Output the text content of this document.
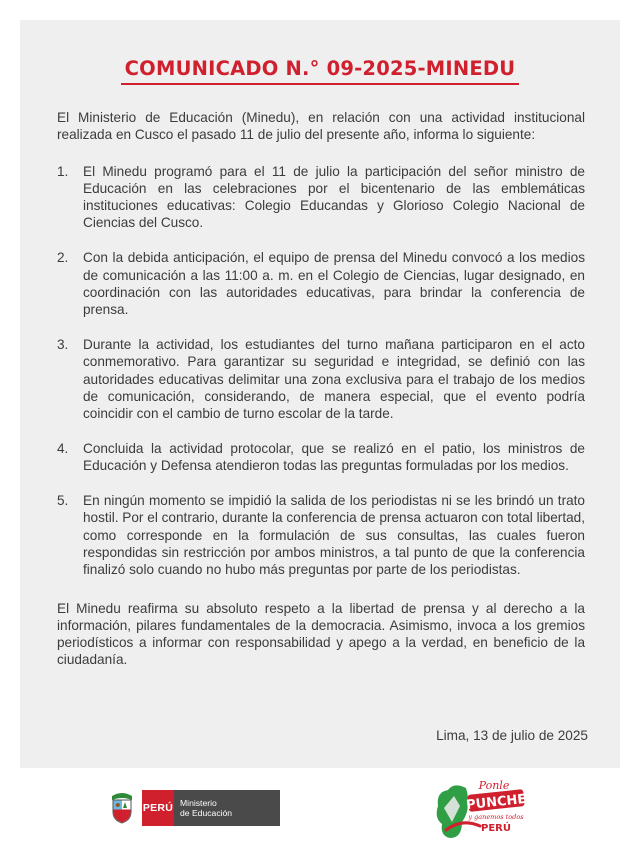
COMUNICADO N.° 09-2025-MINEDU

El Ministerio de Educación (Minedu), en relación con una actividad institucional realizada en Cusco el pasado 11 de julio del presente año, informa lo siguiente:

1. El Minedu programó para el 11 de julio la participación del señor ministro de Educación en las celebraciones por el bicentenario de las emblemáticas instituciones educativas: Colegio Educandas y Glorioso Colegio Nacional de Ciencias del Cusco.
2. Con la debida anticipación, el equipo de prensa del Minedu convocó a los medios de comunicación a las 11:00 a. m. en el Colegio de Ciencias, lugar designado, en coordinación con las autoridades educativas, para brindar la conferencia de prensa.
3. Durante la actividad, los estudiantes del turno mañana participaron en el acto conmemorativo. Para garantizar su seguridad e integridad, se definió con las autoridades educativas delimitar una zona exclusiva para el trabajo de los medios de comunicación, considerando, de manera especial, que el evento podría coincidir con el cambio de turno escolar de la tarde.
4. Concluida la actividad protocolar, que se realizó en el patio, los ministros de Educación y Defensa atendieron todas las preguntas formuladas por los medios.
5. En ningún momento se impidió la salida de los periodistas ni se les brindó un trato hostil. Por el contrario, durante la conferencia de prensa actuaron con total libertad, como corresponde en la formulación de sus consultas, las cuales fueron respondidas sin restricción por ambos ministros, a tal punto de que la conferencia finalizó solo cuando no hubo más preguntas por parte de los periodistas.

El Minedu reafirma su absoluto respeto a la libertad de prensa y al derecho a la información, pilares fundamentales de la democracia. Asimismo, invoca a los gremios periodísticos a informar con responsabilidad y apego a la verdad, en beneficio de la ciudadanía.

Lima, 13 de julio de 2025
PERÚ Ministerio
de Educación
Ponle
PUNCHE
y ganemos todos
PERÚ
